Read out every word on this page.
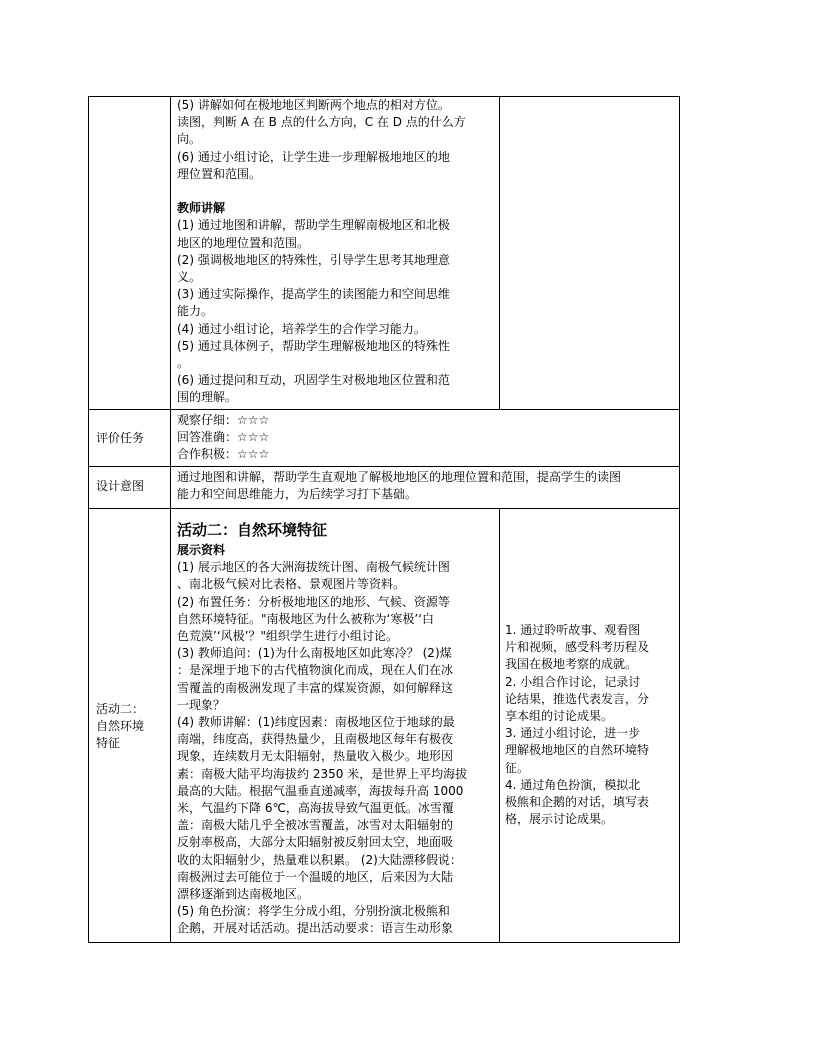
(5) 讲解如何在极地地区判断两个地点的相对方位。

读图，判断 A 在 B 点的什么方向，C 在 D 点的什么方

向。

(6) 通过小组讨论，让学生进一步理解极地地区的地

理位置和范围。

教师讲解

(1) 通过地图和讲解，帮助学生理解南极地区和北极

地区的地理位置和范围。

(2) 强调极地地区的特殊性，引导学生思考其地理意

义。

(3) 通过实际操作，提高学生的读图能力和空间思维

能力。

(4) 通过小组讨论，培养学生的合作学习能力。

(5) 通过具体例子，帮助学生理解极地地区的特殊性

。

(6) 通过提问和互动，巩固学生对极地地区位置和范

围的理解。

评价任务

观察仔细：☆☆☆

回答准确：☆☆☆

合作积极：☆☆☆

设计意图

通过地图和讲解，帮助学生直观地了解极地地区的地理位置和范围，提高学生的读图

能力和空间思维能力，为后续学习打下基础。

活动二：

自然环境

特征

活动二：自然环境特征

展示资料

(1) 展示地区的各大洲海拔统计图、南极气候统计图

、南北极气候对比表格、景观图片等资料。

(2) 布置任务：分析极地地区的地形、气候、资源等

自然环境特征。"南极地区为什么被称为‘寒极’‘白

色荒漠’‘风极’？"组织学生进行小组讨论。

(3) 教师追问：(1)为什么南极地区如此寒冷？ (2)煤

：是深埋于地下的古代植物演化而成，现在人们在冰

雪覆盖的南极洲发现了丰富的煤炭资源，如何解释这

一现象？

(4) 教师讲解：(1)纬度因素：南极地区位于地球的最

南端，纬度高，获得热量少，且南极地区每年有极夜

现象，连续数月无太阳辐射，热量收入极少。地形因

素：南极大陆平均海拔约 2350 米，是世界上平均海拔

最高的大陆。根据气温垂直递减率，海拔每升高 1000

米，气温约下降 6℃，高海拔导致气温更低。冰雪覆

盖：南极大陆几乎全被冰雪覆盖，冰雪对太阳辐射的

反射率极高，大部分太阳辐射被反射回太空，地面吸

收的太阳辐射少，热量难以积累。 (2)大陆漂移假说：

南极洲过去可能位于一个温暖的地区，后来因为大陆

漂移逐渐到达南极地区。

(5) 角色扮演：将学生分成小组，分别扮演北极熊和

企鹅，开展对话活动。提出活动要求：语言生动形象

1. 通过聆听故事、观看图

片和视频，感受科考历程及

我国在极地考察的成就。

2. 小组合作讨论，记录讨

论结果，推选代表发言，分

享本组的讨论成果。

3. 通过小组讨论，进一步

理解极地地区的自然环境特

征。

4. 通过角色扮演，模拟北

极熊和企鹅的对话，填写表

格，展示讨论成果。
